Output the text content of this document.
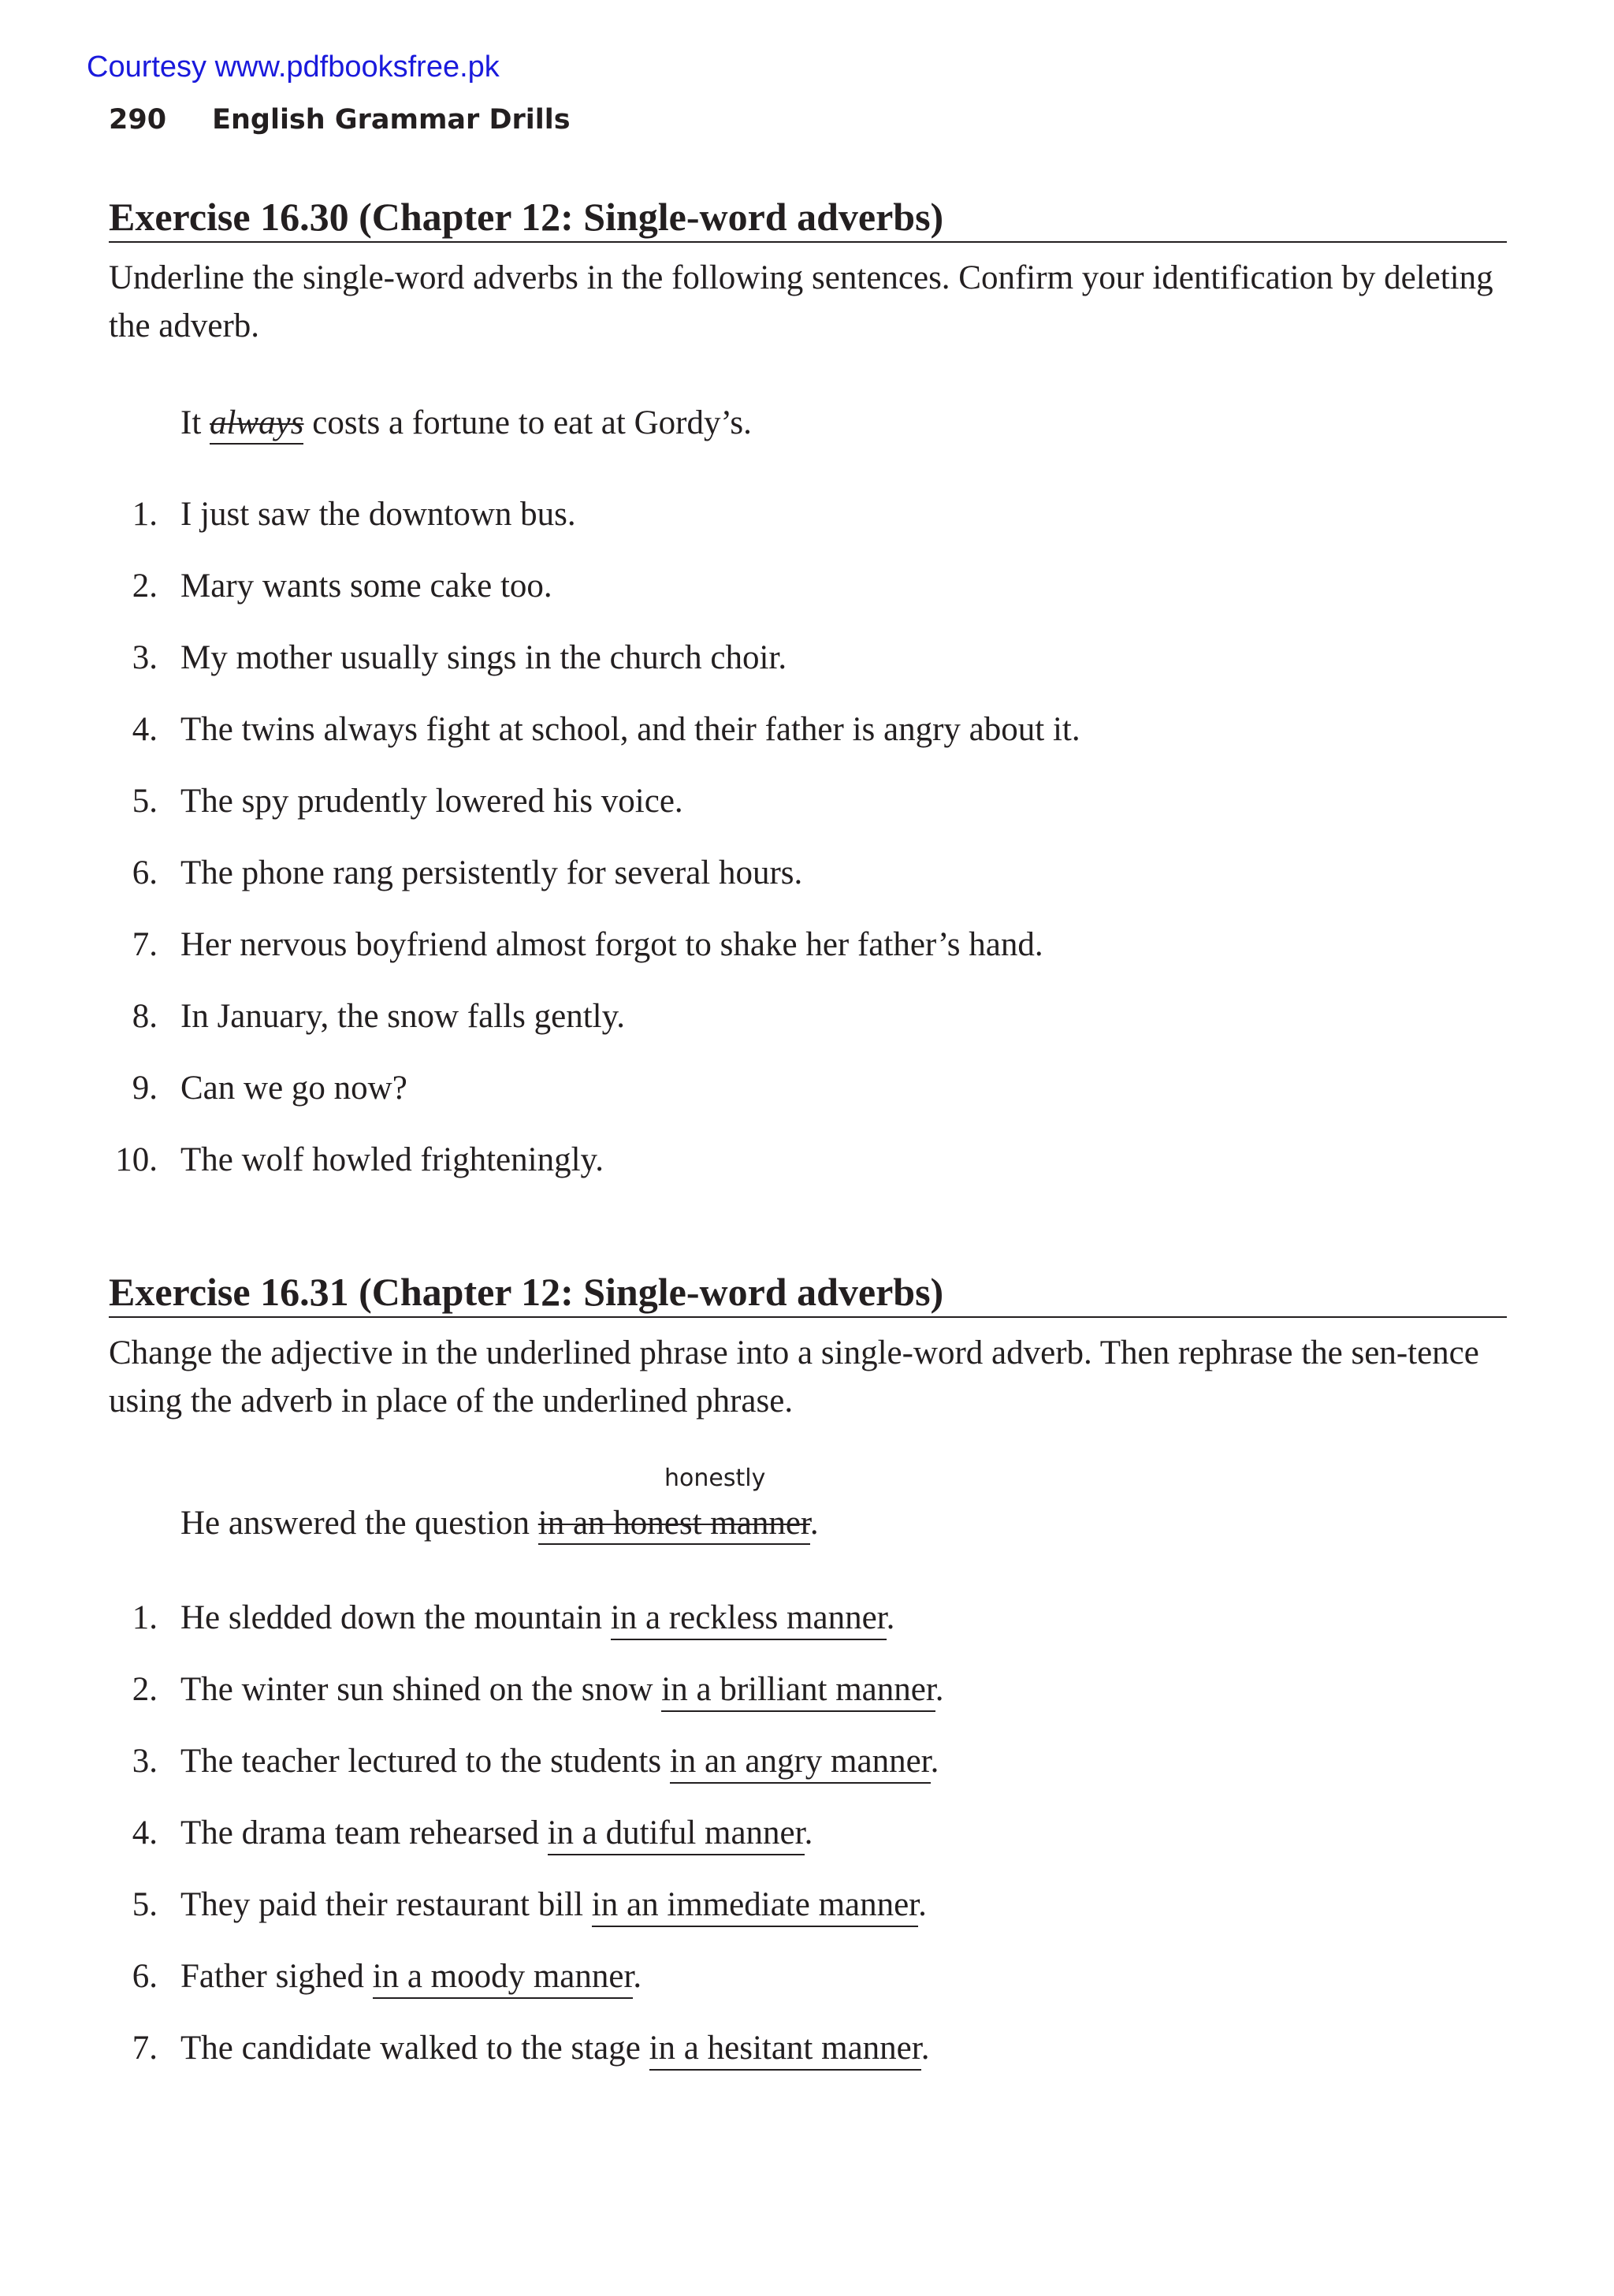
Courtesy www.pdfbooksfree.pk
290 English Grammar Drills
Exercise 16.30 (Chapter 12: Single-word adverbs)
Underline the single-word adverbs in the following sentences. Confirm your identification by deleting the adverb.
It always costs a fortune to eat at Gordy’s.
1. I just saw the downtown bus.
2. Mary wants some cake too.
3. My mother usually sings in the church choir.
4. The twins always fight at school, and their father is angry about it.
5. The spy prudently lowered his voice.
6. The phone rang persistently for several hours.
7. Her nervous boyfriend almost forgot to shake her father’s hand.
8. In January, the snow falls gently.
9. Can we go now?
10. The wolf howled frighteningly.
Exercise 16.31 (Chapter 12: Single-word adverbs)
Change the adjective in the underlined phrase into a single-word adverb. Then rephrase the sen-tence using the adverb in place of the underlined phrase.
honestly
He answered the question in an honest manner.
1. He sledded down the mountain in a reckless manner.
2. The winter sun shined on the snow in a brilliant manner.
3. The teacher lectured to the students in an angry manner.
4. The drama team rehearsed in a dutiful manner.
5. They paid their restaurant bill in an immediate manner.
6. Father sighed in a moody manner.
7. The candidate walked to the stage in a hesitant manner.
